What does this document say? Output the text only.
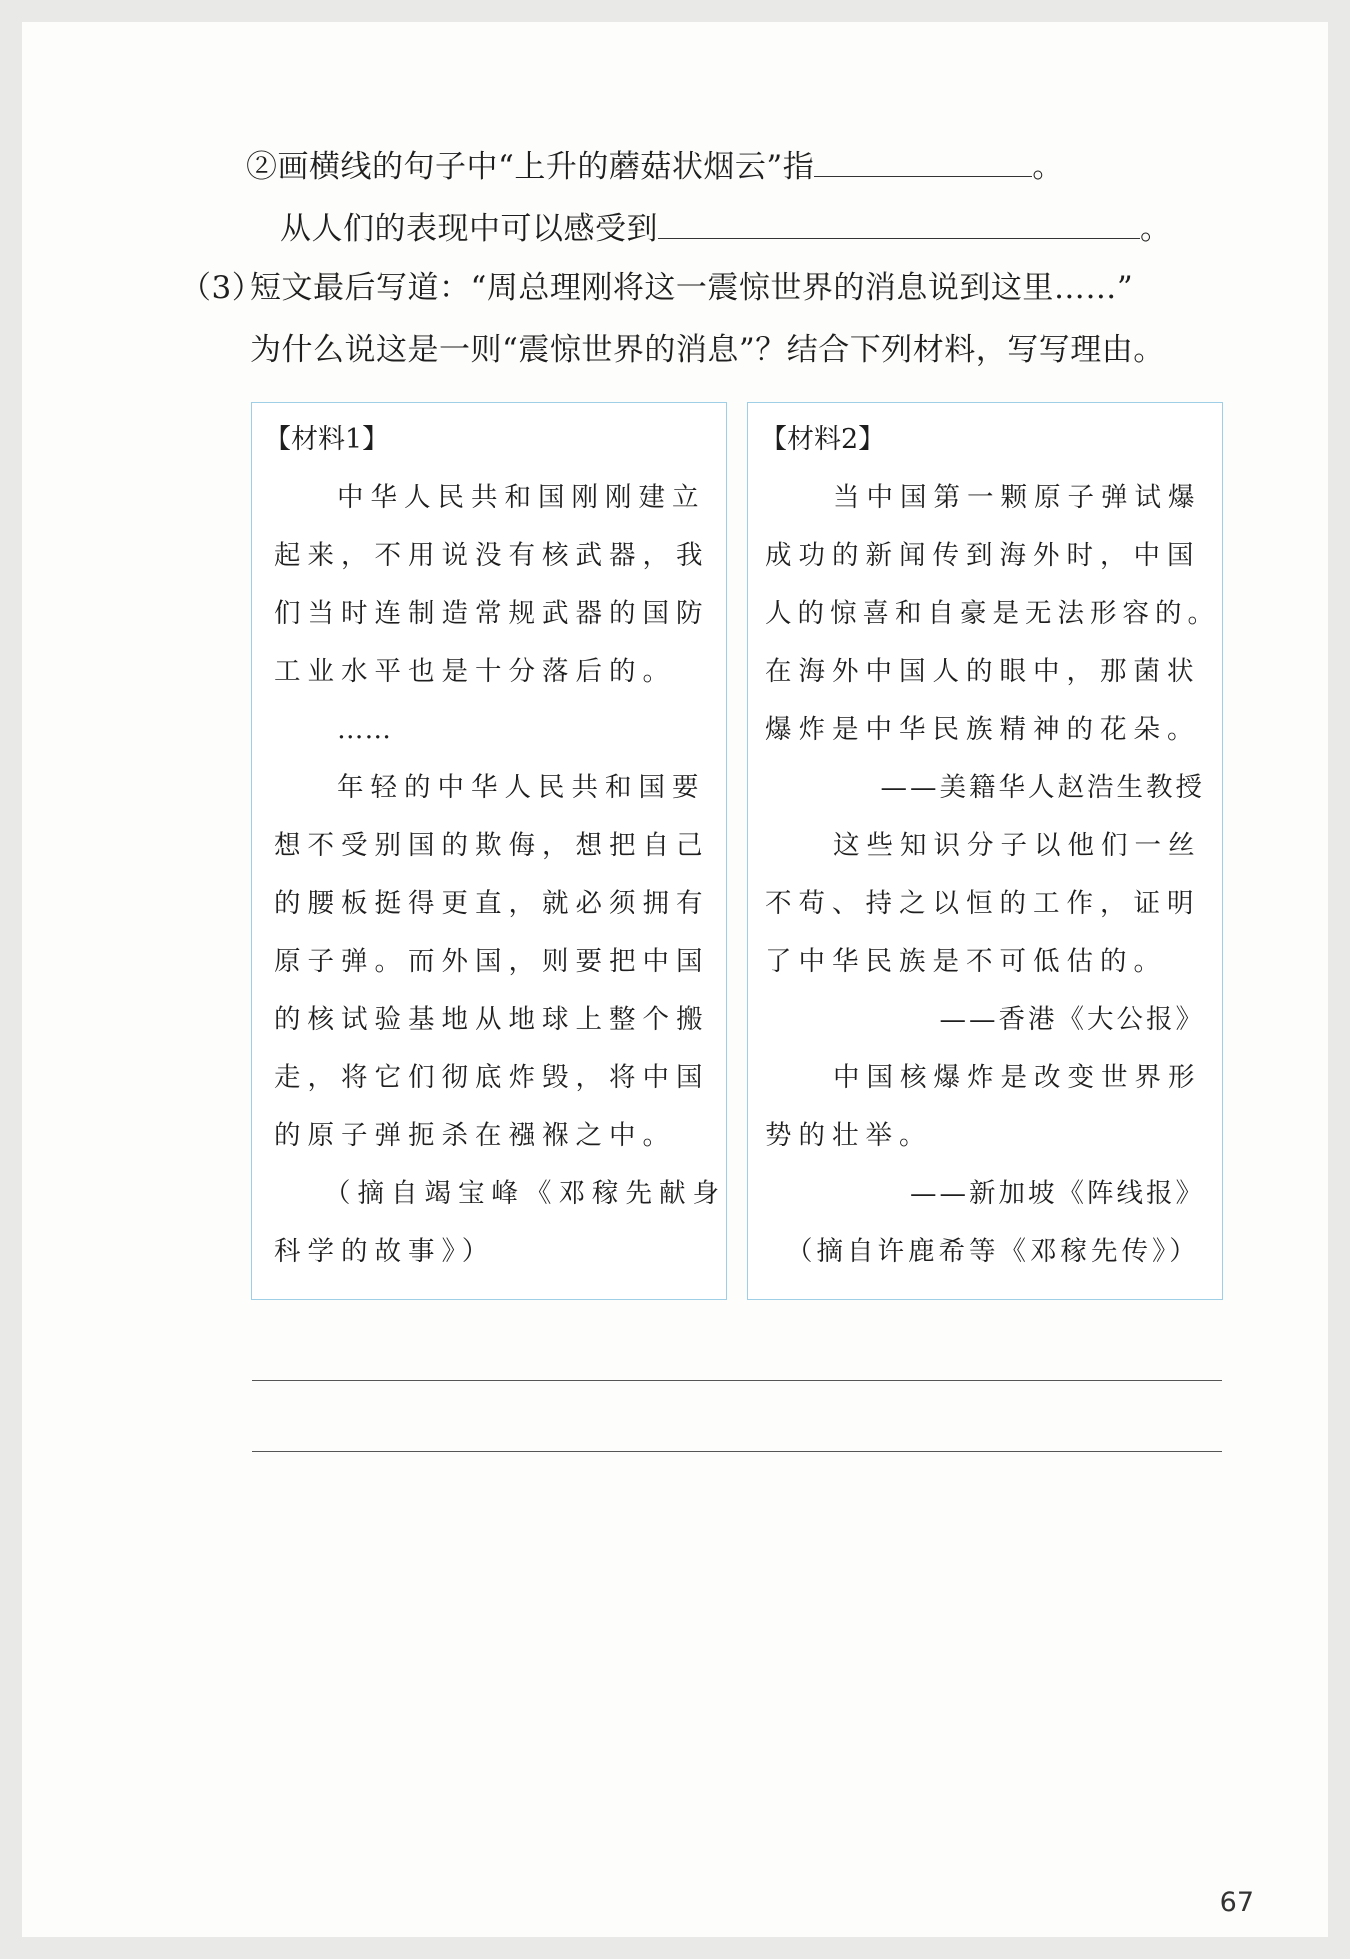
②画横线的句子中“上升的蘑菇状烟云”指	。
从人们的表现中可以感受到	。
（3）
短文最后写道：“周总理刚将这一震惊世界的消息说到这里……”
为什么说这是一则“震惊世界的消息”？结合下列材料，写写理由。
【材料1】
中华人民共和国刚刚建立
起来，不用说没有核武器，我
们当时连制造常规武器的国防
工业水平也是十分落后的。
……
年轻的中华人民共和国要
想不受别国的欺侮，想把自己
的腰板挺得更直，就必须拥有
原子弹。而外国，则要把中国
的核试验基地从地球上整个搬
走，将它们彻底炸毁，将中国
的原子弹扼杀在襁褓之中。
（摘自竭宝峰《邓稼先献身
科学的故事》）
【材料2】
当中国第一颗原子弹试爆
成功的新闻传到海外时，中国
人的惊喜和自豪是无法形容的。
在海外中国人的眼中，那菌状
爆炸是中华民族精神的花朵。
——美籍华人赵浩生教授
这些知识分子以他们一丝
不苟、持之以恒的工作，证明
了中华民族是不可低估的。
——香港《大公报》
中国核爆炸是改变世界形
势的壮举。
——新加坡《阵线报》
（摘自许鹿希等《邓稼先传》）
67
